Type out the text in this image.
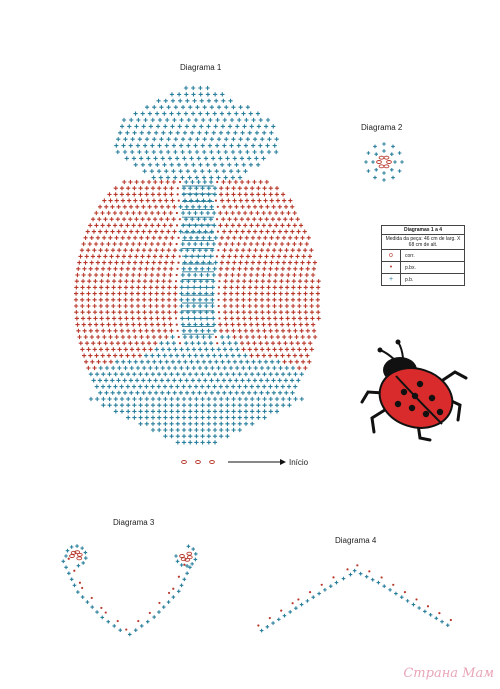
Diagrama 1
Diagrama 2
Diagrama 3
Diagrama 4
Início
Diagramas 1 a 4
Medida da peça: 46 cm de larg. X 68 cm de alt.
o	corr.
•	p.bx.
+	p.b.
Страна Мам
